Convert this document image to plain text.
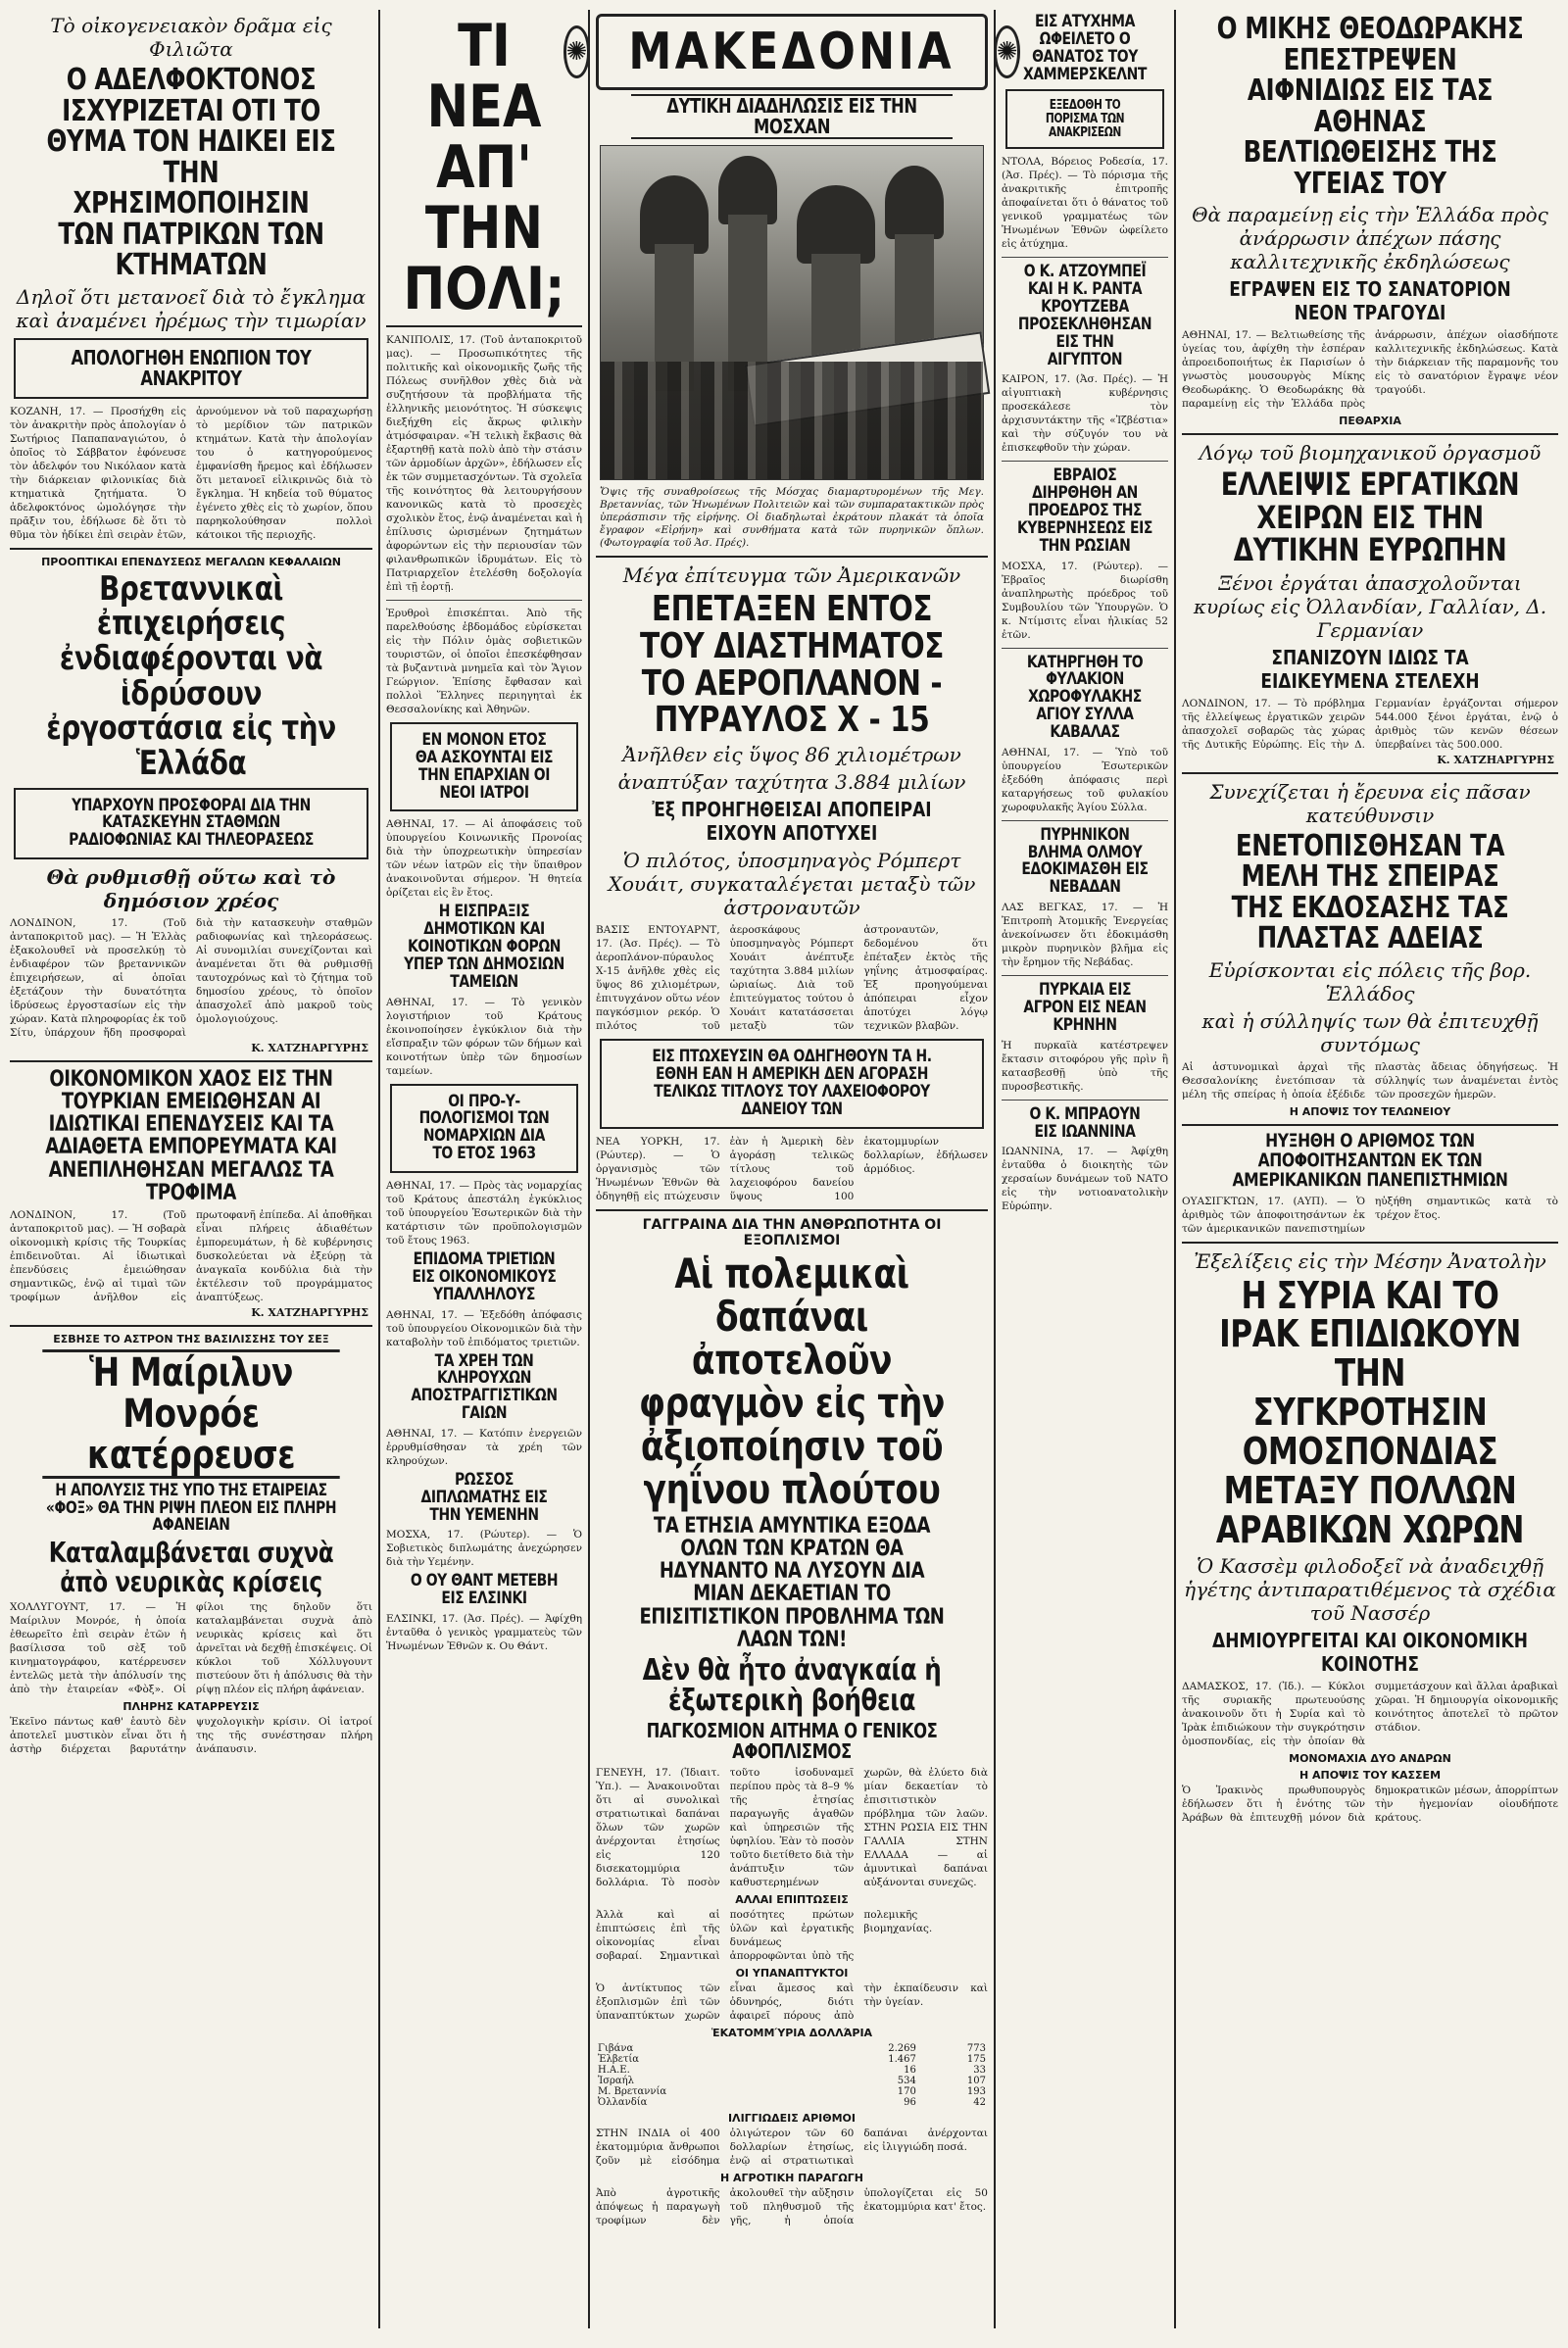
Τὸ οἰκογενειακὸν δρᾶμα εἰς Φιλιῶτα
Ο ΑΔΕΛΦΟΚΤΟΝΟΣ ΙΣΧΥΡΙΖΕΤΑΙ ΟΤΙ ΤΟ ΘΥΜΑ ΤΟΝ ΗΔΙΚΕΙ ΕΙΣ ΤΗΝ ΧΡΗΣΙΜΟΠΟΙΗΣΙΝ ΤΩΝ ΠΑΤΡΙΚΩΝ ΤΩΝ ΚΤΗΜΑΤΩΝ
Δηλοῖ ὅτι μετανοεῖ διὰ τὸ ἔγκλημα καὶ ἀναμένει ἠρέμως τὴν τιμωρίαν
ΑΠΟΛΟΓΗΘΗ ΕΝΩΠΙΟΝ ΤΟΥ ΑΝΑΚΡΙΤΟΥ
ΚΟΖΑΝΗ, 17. — Προσήχθη εἰς τὸν ἀνακριτὴν πρὸς ἀπολογίαν ὁ Σωτήριος Παπαπαναγιώτου, ὁ ὁποῖος τὸ Σάββατον ἐφόνευσε τὸν ἀδελφόν του Νικόλαον κατὰ τὴν διάρκειαν φιλονικίας διὰ κτηματικὰ ζητήματα. Ὁ ἀδελφοκτόνος ὡμολόγησε τὴν πρᾶξιν του, ἐδήλωσε δὲ ὅτι τὸ θῦμα τὸν ἠδίκει ἐπὶ σειρὰν ἐτῶν, ἀρνούμενον νὰ τοῦ παραχωρήσῃ τὸ μερίδιον τῶν πατρικῶν κτημάτων. Κατὰ τὴν ἀπολογίαν του ὁ κατηγορούμενος ἐμφανίσθη ἤρεμος καὶ ἐδήλωσεν ὅτι μετανοεῖ εἰλικρινῶς διὰ τὸ ἔγκλημα. Ἡ κηδεία τοῦ θύματος ἐγένετο χθὲς εἰς τὸ χωρίον, ὅπου παρηκολούθησαν πολλοὶ κάτοικοι τῆς περιοχῆς.
ΠΡΟΟΠΤΙΚΑΙ ΕΠΕΝΔΥΣΕΩΣ ΜΕΓΑΛΩΝ ΚΕΦΑΛΑΙΩΝ
Βρεταννικαὶ ἐπιχειρήσεις ἐνδιαφέρονται νὰ ἱδρύσουν ἐργοστάσια εἰς τὴν Ἑλλάδα
ΥΠΑΡΧΟΥΝ ΠΡΟΣΦΟΡΑΙ ΔΙΑ ΤΗΝ ΚΑΤΑΣΚΕΥΗΝ ΣΤΑΘΜΩΝ ΡΑΔΙΟΦΩΝΙΑΣ ΚΑΙ ΤΗΛΕΟΡΑΣΕΩΣ
Θὰ ρυθμισθῇ οὕτω καὶ τὸ δημόσιον χρέος
ΛΟΝΔΙΝΟΝ, 17. (Τοῦ ἀνταποκριτοῦ μας). — Ἡ Ἑλλὰς ἐξακολουθεῖ νὰ προσελκύῃ τὸ ἐνδιαφέρον τῶν βρεταννικῶν ἐπιχειρήσεων, αἱ ὁποῖαι ἐξετάζουν τὴν δυνατότητα ἱδρύσεως ἐργοστασίων εἰς τὴν χώραν. Κατὰ πληροφορίας ἐκ τοῦ Σίτυ, ὑπάρχουν ἤδη προσφοραὶ διὰ τὴν κατασκευὴν σταθμῶν ραδιοφωνίας καὶ τηλεοράσεως. Αἱ συνομιλίαι συνεχίζονται καὶ ἀναμένεται ὅτι θὰ ρυθμισθῇ ταυτοχρόνως καὶ τὸ ζήτημα τοῦ δημοσίου χρέους, τὸ ὁποῖον ἀπασχολεῖ ἀπὸ μακροῦ τοὺς ὁμολογιούχους.
Κ. ΧΑΤΖΗΑΡΓΥΡΗΣ
ΟΙΚΟΝΟΜΙΚΟΝ ΧΑΟΣ ΕΙΣ ΤΗΝ ΤΟΥΡΚΙΑΝ ΕΜΕΙΩΘΗΣΑΝ ΑΙ ΙΔΙΩΤΙΚΑΙ ΕΠΕΝΔΥΣΕΙΣ ΚΑΙ ΤΑ ΑΔΙΑΘΕΤΑ ΕΜΠΟΡΕΥΜΑΤΑ ΚΑΙ ΑΝΕΠΙΛΗΘΗΣΑΝ ΜΕΓΑΛΩΣ ΤΑ ΤΡΟΦΙΜΑ
ΛΟΝΔΙΝΟΝ, 17. (Τοῦ ἀνταποκριτοῦ μας). — Ἡ σοβαρὰ οἰκονομικὴ κρίσις τῆς Τουρκίας ἐπιδεινοῦται. Αἱ ἰδιωτικαὶ ἐπενδύσεις ἐμειώθησαν σημαντικῶς, ἐνῷ αἱ τιμαὶ τῶν τροφίμων ἀνῆλθον εἰς πρωτοφανῆ ἐπίπεδα. Αἱ ἀποθῆκαι εἶναι πλήρεις ἀδιαθέτων ἐμπορευμάτων, ἡ δὲ κυβέρνησις δυσκολεύεται νὰ ἐξεύρῃ τὰ ἀναγκαῖα κονδύλια διὰ τὴν ἐκτέλεσιν τοῦ προγράμματος ἀναπτύξεως.
Κ. ΧΑΤΖΗΑΡΓΥΡΗΣ
ΕΣΒΗΣΕ ΤΟ ΑΣΤΡΟΝ ΤΗΣ ΒΑΣΙΛΙΣΣΗΣ ΤΟΥ ΣΕΞ
Ἡ Μαίριλυν Μονρόε κατέρρευσε
Η ΑΠΟΛΥΣΙΣ ΤΗΣ ΥΠΟ ΤΗΣ ΕΤΑΙΡΕΙΑΣ «ΦΟΞ» ΘΑ ΤΗΝ ΡΙΨΗ ΠΛΕΟΝ ΕΙΣ ΠΛΗΡΗ ΑΦΑΝΕΙΑΝ
Καταλαμβάνεται συχνὰ ἀπὸ νευρικὰς κρίσεις
ΧΟΛΛΥΓΟΥΝΤ, 17. — Ἡ Μαίριλυν Μονρόε, ἡ ὁποία ἐθεωρεῖτο ἐπὶ σειρὰν ἐτῶν ἡ βασίλισσα τοῦ σὲξ τοῦ κινηματογράφου, κατέρρευσεν ἐντελῶς μετὰ τὴν ἀπόλυσίν της ἀπὸ τὴν ἑταιρείαν «Φὸξ». Οἱ φίλοι της δηλοῦν ὅτι καταλαμβάνεται συχνὰ ἀπὸ νευρικὰς κρίσεις καὶ ὅτι ἀρνεῖται νὰ δεχθῇ ἐπισκέψεις. Οἱ κύκλοι τοῦ Χόλλυγουντ πιστεύουν ὅτι ἡ ἀπόλυσις θὰ τὴν ρίψῃ πλέον εἰς πλήρη ἀφάνειαν.
ΠΛΗΡΗΣ ΚΑΤΑΡΡΕΥΣΙΣ
Ἐκεῖνο πάντως καθ' ἑαυτὸ δὲν ἀποτελεῖ μυστικὸν εἶναι ὅτι ἡ ἀστὴρ διέρχεται βαρυτάτην ψυχολογικὴν κρίσιν. Οἱ ἰατροί της τῆς συνέστησαν πλήρη ἀνάπαυσιν.
ΤΙ ΝΕΑ ΑΠ' ΤΗΝ ΠΟΛΙ;
ΚΑΝΙΠΟΛΙΣ, 17. (Τοῦ ἀνταποκριτοῦ μας). — Προσωπικότητες τῆς πολιτικῆς καὶ οἰκονομικῆς ζωῆς τῆς Πόλεως συνῆλθον χθὲς διὰ νὰ συζητήσουν τὰ προβλήματα τῆς ἑλληνικῆς μειονότητος. Ἡ σύσκεψις διεξήχθη εἰς ἄκρως φιλικὴν ἀτμόσφαιραν. «Ἡ τελικὴ ἔκβασις θὰ ἐξαρτηθῇ κατὰ πολὺ ἀπὸ τὴν στάσιν τῶν ἁρμοδίων ἀρχῶν», ἐδήλωσεν εἷς ἐκ τῶν συμμετασχόντων. Τὰ σχολεῖα τῆς κοινότητος θὰ λειτουργήσουν κανονικῶς κατὰ τὸ προσεχὲς σχολικὸν ἔτος, ἐνῷ ἀναμένεται καὶ ἡ ἐπίλυσις ὡρισμένων ζητημάτων ἀφορώντων εἰς τὴν περιουσίαν τῶν φιλανθρωπικῶν ἱδρυμάτων. Εἰς τὸ Πατριαρχεῖον ἐτελέσθη δοξολογία ἐπὶ τῇ ἑορτῇ.
Ἐρυθροὶ ἐπισκέπται. Ἀπὸ τῆς παρελθούσης ἑβδομάδος εὑρίσκεται εἰς τὴν Πόλιν ὁμὰς σοβιετικῶν τουριστῶν, οἱ ὁποῖοι ἐπεσκέφθησαν τὰ βυζαντινὰ μνημεῖα καὶ τὸν Ἅγιον Γεώργιον. Ἐπίσης ἔφθασαν καὶ πολλοὶ Ἕλληνες περιηγηταὶ ἐκ Θεσσαλονίκης καὶ Ἀθηνῶν.
ΕΝ ΜΟΝΟΝ ΕΤΟΣ ΘΑ ΑΣΚΟΥΝΤΑΙ ΕΙΣ ΤΗΝ ΕΠΑΡΧΙΑΝ ΟΙ ΝΕΟΙ ΙΑΤΡΟΙ
ΑΘΗΝΑΙ, 17. — Αἱ ἀποφάσεις τοῦ ὑπουργείου Κοινωνικῆς Προνοίας διὰ τὴν ὑποχρεωτικὴν ὑπηρεσίαν τῶν νέων ἰατρῶν εἰς τὴν ὕπαιθρον ἀνακοινοῦνται σήμερον. Ἡ θητεία ὁρίζεται εἰς ἓν ἔτος.
Η ΕΙΣΠΡΑΞΙΣ ΔΗΜΟΤΙΚΩΝ ΚΑΙ ΚΟΙΝΟΤΙΚΩΝ ΦΟΡΩΝ ΥΠΕΡ ΤΩΝ ΔΗΜΟΣΙΩΝ ΤΑΜΕΙΩΝ
ΑΘΗΝΑΙ, 17. — Τὸ γενικὸν λογιστήριον τοῦ Κράτους ἐκοινοποίησεν ἐγκύκλιον διὰ τὴν εἴσπραξιν τῶν φόρων τῶν δήμων καὶ κοινοτήτων ὑπὲρ τῶν δημοσίων ταμείων.
ΟΙ ΠΡΟ-Υ-ΠΟΛΟΓΙΣΜΟΙ ΤΩΝ ΝΟΜΑΡΧΙΩΝ ΔΙΑ ΤΟ ΕΤΟΣ 1963
ΑΘΗΝΑΙ, 17. — Πρὸς τὰς νομαρχίας τοῦ Κράτους ἀπεστάλη ἐγκύκλιος τοῦ ὑπουργείου Ἐσωτερικῶν διὰ τὴν κατάρτισιν τῶν προϋπολογισμῶν τοῦ ἔτους 1963.
ΕΠΙΔΟΜΑ ΤΡΙΕΤΙΩΝ ΕΙΣ ΟΙΚΟΝΟΜΙΚΟΥΣ ΥΠΑΛΛΗΛΟΥΣ
ΑΘΗΝΑΙ, 17. — Ἐξεδόθη ἀπόφασις τοῦ ὑπουργείου Οἰκονομικῶν διὰ τὴν καταβολὴν τοῦ ἐπιδόματος τριετιῶν.
ΤΑ ΧΡΕΗ ΤΩΝ ΚΛΗΡΟΥΧΩΝ ΑΠΟΣΤΡΑΓΓΙΣΤΙΚΩΝ ΓΑΙΩΝ
ΑΘΗΝΑΙ, 17. — Κατόπιν ἐνεργειῶν ἐρρυθμίσθησαν τὰ χρέη τῶν κληρούχων.
ΡΩΣΣΟΣ ΔΙΠΛΩΜΑΤΗΣ ΕΙΣ ΤΗΝ ΥΕΜΕΝΗΝ
ΜΟΣΧΑ, 17. (Ρώυτερ). — Ὁ Σοβιετικὸς διπλωμάτης ἀνεχώρησεν διὰ τὴν Υεμένην.
Ο ΟΥ ΘΑΝΤ ΜΕΤΕΒΗ ΕΙΣ ΕΛΣΙΝΚΙ
ΕΛΣΙΝΚΙ, 17. (Ἀσ. Πρές). — Ἀφίχθη ἐνταῦθα ὁ γενικὸς γραμματεὺς τῶν Ἡνωμένων Ἐθνῶν κ. Ου Θάντ.
✺ ΜΑΚΕΔΟΝΙΑ ✺
ΔΥΤΙΚΗ ΔΙΑΔΗΛΩΣΙΣ ΕΙΣ ΤΗΝ ΜΟΣΧΑΝ
Ὄψις τῆς συναθροίσεως τῆς Μόσχας διαμαρτυρομένων τῆς Μεγ. Βρεταννίας, τῶν Ἡνωμένων Πολιτειῶν καὶ τῶν συμπαρατακτικῶν πρὸς ὑπεράσπισιν τῆς εἰρήνης. Οἱ διαδηλωταὶ ἐκράτουν πλακάτ τὰ ὁποῖα ἔγραφον «Εἰρήνη» καὶ συνθήματα κατὰ τῶν πυρηνικῶν ὅπλων. (Φωτογραφία τοῦ Ἀσ. Πρές).
Μέγα ἐπίτευγμα τῶν Ἀμερικανῶν
ΕΠΕΤΑΞΕΝ ΕΝΤΟΣ ΤΟΥ ΔΙΑΣΤΗΜΑΤΟΣ ΤΟ ΑΕΡΟΠΛΑΝΟΝ - ΠΥΡΑΥΛΟΣ Χ - 15
Ἀνῆλθεν εἰς ὕψος 86 χιλιομέτρων
ἀναπτύξαν ταχύτητα 3.884 μιλίων
Ἐξ ΠΡΟΗΓΗΘΕΙΣΑΙ ΑΠΟΠΕΙΡΑΙ ΕΙΧΟΥΝ ΑΠΟΤΥΧΕΙ
Ὁ πιλότος, ὑποσμηναγὸς Ρόμπερτ Χουάιτ, συγκαταλέγεται μεταξὺ τῶν ἀστροναυτῶν
ΒΑΣΙΣ ΕΝΤΟΥΑΡΝΤ, 17. (Ἀσ. Πρές). — Τὸ ἀεροπλάνον-πύραυλος Χ-15 ἀνῆλθε χθὲς εἰς ὕψος 86 χιλιομέτρων, ἐπιτυγχάνον οὕτω νέον παγκόσμιον ρεκόρ. Ὁ πιλότος τοῦ ἀεροσκάφους ὑποσμηναγὸς Ρόμπερτ Χουάιτ ἀνέπτυξε ταχύτητα 3.884 μιλίων ὡριαίως. Διὰ τοῦ ἐπιτεύγματος τούτου ὁ Χουάιτ κατατάσσεται μεταξὺ τῶν ἀστροναυτῶν, δεδομένου ὅτι ἐπέταξεν ἐκτὸς τῆς γηΐνης ἀτμοσφαίρας. Ἐξ προηγούμεναι ἀπόπειραι εἶχον ἀποτύχει λόγῳ τεχνικῶν βλαβῶν.
ΕΙΣ ΠΤΩΧΕΥΣΙΝ ΘΑ ΟΔΗΓΗΘΟΥΝ ΤΑ Η. ΕΘΝΗ ΕΑΝ Η ΑΜΕΡΙΚΗ ΔΕΝ ΑΓΟΡΑΣΗ ΤΕΛΙΚΩΣ ΤΙΤΛΟΥΣ ΤΟΥ ΛΑΧΕΙΟΦΟΡΟΥ ΔΑΝΕΙΟΥ ΤΩΝ
ΝΕΑ ΥΟΡΚΗ, 17. (Ρώυτερ). — Ὁ ὀργανισμὸς τῶν Ἡνωμένων Ἐθνῶν θὰ ὁδηγηθῇ εἰς πτώχευσιν ἐὰν ἡ Ἀμερικὴ δὲν ἀγοράσῃ τελικῶς τίτλους τοῦ λαχειοφόρου δανείου ὕψους 100 ἑκατομμυρίων δολλαρίων, ἐδήλωσεν ἀρμόδιος.
ΓΑΓΓΡΑΙΝΑ ΔΙΑ ΤΗΝ ΑΝΘΡΩΠΟΤΗΤΑ ΟΙ ΕΞΟΠΛΙΣΜΟΙ
Αἱ πολεμικαὶ δαπάναι ἀποτελοῦν φραγμὸν εἰς τὴν ἀξιοποίησιν τοῦ γηΐνου πλούτου
ΤΑ ΕΤΗΣΙΑ ΑΜΥΝΤΙΚΑ ΕΞΟΔΑ ΟΛΩΝ ΤΩΝ ΚΡΑΤΩΝ ΘΑ ΗΔΥΝΑΝΤΟ ΝΑ ΛΥΣΟΥΝ ΔΙΑ ΜΙΑΝ ΔΕΚΑΕΤΙΑΝ ΤΟ ΕΠΙΣΙΤΙΣΤΙΚΟΝ ΠΡΟΒΛΗΜΑ ΤΩΝ ΛΑΩΝ ΤΩΝ!
Δὲν θὰ ἦτο ἀναγκαία ἡ ἐξωτερικὴ βοήθεια
ΠΑΓΚΟΣΜΙΟΝ ΑΙΤΗΜΑ Ο ΓΕΝΙΚΟΣ ΑΦΟΠΛΙΣΜΟΣ
ΓΕΝΕΥΗ, 17. (Ἰδιαιτ. Ὑπ.). — Ἀνακοινοῦται ὅτι αἱ συνολικαὶ στρατιωτικαὶ δαπάναι ὅλων τῶν χωρῶν ἀνέρχονται ἐτησίως εἰς 120 δισεκατομμύρια δολλάρια. Τὸ ποσὸν τοῦτο ἰσοδυναμεῖ περίπου πρὸς τὰ 8–9 % τῆς ἐτησίας παραγωγῆς ἀγαθῶν καὶ ὑπηρεσιῶν τῆς ὑφηλίου. Ἐὰν τὸ ποσὸν τοῦτο διετίθετο διὰ τὴν ἀνάπτυξιν τῶν καθυστερημένων χωρῶν, θὰ ἐλύετο διὰ μίαν δεκαετίαν τὸ ἐπισιτιστικὸν πρόβλημα τῶν λαῶν. ΣΤΗΝ ΡΩΣΙΑ ΕΙΣ ΤΗΝ ΓΑΛΛΙΑ ΣΤΗΝ ΕΛΛΑΔΑ — αἱ ἀμυντικαὶ δαπάναι αὐξάνονται συνεχῶς.
ΑΛΛΑΙ ΕΠΙΠΤΩΣΕΙΣ
Ἀλλὰ καὶ αἱ ἐπιπτώσεις ἐπὶ τῆς οἰκονομίας εἶναι σοβαραί. Σημαντικαὶ ποσότητες πρώτων ὑλῶν καὶ ἐργατικῆς δυνάμεως ἀπορροφῶνται ὑπὸ τῆς πολεμικῆς βιομηχανίας.
ΟΙ ΥΠΑΝΑΠΤΥΚΤΟΙ
Ὁ ἀντίκτυπος τῶν ἐξοπλισμῶν ἐπὶ τῶν ὑπαναπτύκτων χωρῶν εἶναι ἄμεσος καὶ ὀδυνηρός, διότι ἀφαιρεῖ πόρους ἀπὸ τὴν ἐκπαίδευσιν καὶ τὴν ὑγείαν.
ἙΚΑΤΟΜΜΎΡΙΑ ΔΟΛΛΆΡΙΑ
Γιβάνα	2.269	773
Ἐλβετία	1.467	175
Η.Α.Ε.	16	33
Ἰσραήλ	534	107
Μ. Βρεταννία	170	193
Ὀλλανδία	96	42
ΙΛΙΓΓΙΩΔΕΙΣ ΑΡΙΘΜΟΙ
ΣΤΗΝ ΙΝΔΙΑ οἱ 400 ἑκατομμύρια ἄνθρωποι ζοῦν μὲ εἰσόδημα ὀλιγώτερον τῶν 60 δολλαρίων ἐτησίως, ἐνῷ αἱ στρατιωτικαὶ δαπάναι ἀνέρχονται εἰς ἰλιγγιώδη ποσά.
Η ΑΓΡΟΤΙΚΗ ΠΑΡΑΓΩΓΗ
Ἀπὸ ἀγροτικῆς ἀπόψεως ἡ παραγωγὴ τροφίμων δὲν ἀκολουθεῖ τὴν αὔξησιν τοῦ πληθυσμοῦ τῆς γῆς, ἡ ὁποία ὑπολογίζεται εἰς 50 ἑκατομμύρια κατ' ἔτος.
ΕΙΣ ΑΤΥΧΗΜΑ ΩΦΕΙΛΕΤΟ Ο ΘΑΝΑΤΟΣ ΤΟΥ ΧΑΜΜΕΡΣΚΕΛΝΤ
ΕΞΕΔΟΘΗ ΤΟ ΠΟΡΙΣΜΑ ΤΩΝ ΑΝΑΚΡΙΣΕΩΝ
ΝΤΟΛΑ, Βόρειος Ροδεσία, 17. (Ἀσ. Πρές). — Τὸ πόρισμα τῆς ἀνακριτικῆς ἐπιτροπῆς ἀποφαίνεται ὅτι ὁ θάνατος τοῦ γενικοῦ γραμματέως τῶν Ἡνωμένων Ἐθνῶν ὠφείλετο εἰς ἀτύχημα.
Ο Κ. ΑΤΖΟΥΜΠΕΪ ΚΑΙ Η Κ. ΡΑΝΤΑ ΚΡΟΥΤΖΕΒΑ ΠΡΟΣΕΚΛΗΘΗΣΑΝ ΕΙΣ ΤΗΝ ΑΙΓΥΠΤΟΝ
ΚΑΙΡΟΝ, 17. (Ἀσ. Πρές). — Ἡ αἰγυπτιακὴ κυβέρνησις προσεκάλεσε τὸν ἀρχισυντάκτην τῆς «Ἰζβέστια» καὶ τὴν σύζυγόν του νὰ ἐπισκεφθοῦν τὴν χώραν.
ΕΒΡΑΙΟΣ ΔΙΗΡΘΗΘΗ ΑΝ ΠΡΟΕΔΡΟΣ ΤΗΣ ΚΥΒΕΡΝΗΣΕΩΣ ΕΙΣ ΤΗΝ ΡΩΣΙΑΝ
ΜΟΣΧΑ, 17. (Ρώυτερ). — Ἐβραῖος διωρίσθη ἀναπληρωτὴς πρόεδρος τοῦ Συμβουλίου τῶν Ὑπουργῶν. Ὁ κ. Ντίμσιτς εἶναι ἡλικίας 52 ἐτῶν.
ΚΑΤΗΡΓΗΘΗ ΤΟ ΦΥΛΑΚΙΟΝ ΧΩΡΟΦΥΛΑΚΗΣ ΑΓΙΟΥ ΣΥΛΛΑ ΚΑΒΑΛΑΣ
ΑΘΗΝΑΙ, 17. — Ὑπὸ τοῦ ὑπουργείου Ἐσωτερικῶν ἐξεδόθη ἀπόφασις περὶ καταργήσεως τοῦ φυλακίου χωροφυλακῆς Ἁγίου Σύλλα.
ΠΥΡΗΝΙΚΟΝ ΒΛΗΜΑ ΟΛΜΟΥ ΕΔΟΚΙΜΑΣΘΗ ΕΙΣ ΝΕΒΑΔΑΝ
ΛΑΣ ΒΕΓΚΑΣ, 17. — Ἡ Ἐπιτροπὴ Ἀτομικῆς Ἐνεργείας ἀνεκοίνωσεν ὅτι ἐδοκιμάσθη μικρὸν πυρηνικὸν βλῆμα εἰς τὴν ἔρημον τῆς Νεβάδας.
ΠΥΡΚΑΙΑ ΕΙΣ ΑΓΡΟΝ ΕΙΣ ΝΕΑΝ ΚΡΗΝΗΝ
Ἡ πυρκαϊὰ κατέστρεψεν ἔκτασιν σιτοφόρου γῆς πρὶν ἢ κατασβεσθῇ ὑπὸ τῆς πυροσβεστικῆς.
Ο Κ. ΜΠΡΑΟΥΝ ΕΙΣ ΙΩΑΝΝΙΝΑ
ΙΩΑΝΝΙΝΑ, 17. — Ἀφίχθη ἐνταῦθα ὁ διοικητὴς τῶν χερσαίων δυνάμεων τοῦ ΝΑΤΟ εἰς τὴν νοτιοανατολικὴν Εὐρώπην.
Ο ΜΙΚΗΣ ΘΕΟΔΩΡΑΚΗΣ ΕΠΕΣΤΡΕΨΕΝ ΑΙΦΝΙΔΙΩΣ ΕΙΣ ΤΑΣ ΑΘΗΝΑΣ ΒΕΛΤΙΩΘΕΙΣΗΣ ΤΗΣ ΥΓΕΙΑΣ ΤΟΥ
Θὰ παραμείνῃ εἰς τὴν Ἑλλάδα πρὸς ἀνάρρωσιν ἀπέχων πάσης καλλιτεχνικῆς ἐκδηλώσεως
ΕΓΡΑΨΕΝ ΕΙΣ ΤΟ ΣΑΝΑΤΟΡΙΟΝ ΝΕΟΝ ΤΡΑΓΟΥΔΙ
ΑΘΗΝΑΙ, 17. — Βελτιωθείσης τῆς ὑγείας του, ἀφίχθη τὴν ἑσπέραν ἀπροειδοποιήτως ἐκ Παρισίων ὁ γνωστὸς μουσουργὸς Μίκης Θεοδωράκης. Ὁ Θεοδωράκης θὰ παραμείνῃ εἰς τὴν Ἑλλάδα πρὸς ἀνάρρωσιν, ἀπέχων οἱασδήποτε καλλιτεχνικῆς ἐκδηλώσεως. Κατὰ τὴν διάρκειαν τῆς παραμονῆς του εἰς τὸ σανατόριον ἔγραψε νέον τραγούδι.
ΠΕΘΑΡΧΙΑ
Λόγῳ τοῦ βιομηχανικοῦ ὀργασμοῦ
ΕΛΛΕΙΨΙΣ ΕΡΓΑΤΙΚΩΝ ΧΕΙΡΩΝ ΕΙΣ ΤΗΝ ΔΥΤΙΚΗΝ ΕΥΡΩΠΗΝ
Ξένοι ἐργάται ἀπασχολοῦνται κυρίως εἰς Ὀλλανδίαν, Γαλλίαν, Δ. Γερμανίαν
ΣΠΑΝΙΖΟΥΝ ΙΔΙΩΣ ΤΑ ΕΙΔΙΚΕΥΜΕΝΑ ΣΤΕΛΕΧΗ
ΛΟΝΔΙΝΟΝ, 17. — Τὸ πρόβλημα τῆς ἐλλείψεως ἐργατικῶν χειρῶν ἀπασχολεῖ σοβαρῶς τὰς χώρας τῆς Δυτικῆς Εὐρώπης. Εἰς τὴν Δ. Γερμανίαν ἐργάζονται σήμερον 544.000 ξένοι ἐργάται, ἐνῷ ὁ ἀριθμὸς τῶν κενῶν θέσεων ὑπερβαίνει τὰς 500.000.
Κ. ΧΑΤΖΗΑΡΓΥΡΗΣ
Συνεχίζεται ἡ ἔρευνα εἰς πᾶσαν κατεύθυνσιν
ΕΝΕΤΟΠΙΣΘΗΣΑΝ ΤΑ ΜΕΛΗ ΤΗΣ ΣΠΕΙΡΑΣ ΤΗΣ ΕΚΔΟΣΑΣΗΣ ΤΑΣ ΠΛΑΣΤΑΣ ΑΔΕΙΑΣ
Εὑρίσκονται εἰς πόλεις τῆς βορ. Ἑλλάδος
καὶ ἡ σύλληψίς των θὰ ἐπιτευχθῇ συντόμως
Αἱ ἀστυνομικαὶ ἀρχαὶ τῆς Θεσσαλονίκης ἐνετόπισαν τὰ μέλη τῆς σπείρας ἡ ὁποία ἐξέδιδε πλαστὰς ἄδειας ὁδηγήσεως. Ἡ σύλληψίς των ἀναμένεται ἐντὸς τῶν προσεχῶν ἡμερῶν.
Η ΑΠΟΨΙΣ ΤΟΥ ΤΕΛΩΝΕΙΟΥ
ΗΥΞΗΘΗ Ο ΑΡΙΘΜΟΣ ΤΩΝ ΑΠΟΦΟΙΤΗΣΑΝΤΩΝ ΕΚ ΤΩΝ ΑΜΕΡΙΚΑΝΙΚΩΝ ΠΑΝΕΠΙΣΤΗΜΙΩΝ
ΟΥΑΣΙΓΚΤΩΝ, 17. (ΑΥΠ). — Ὁ ἀριθμὸς τῶν ἀποφοιτησάντων ἐκ τῶν ἀμερικανικῶν πανεπιστημίων ηὐξήθη σημαντικῶς κατὰ τὸ τρέχον ἔτος.
Ἐξελίξεις εἰς τὴν Μέσην Ἀνατολὴν
Η ΣΥΡΙΑ ΚΑΙ ΤΟ ΙΡΑΚ ΕΠΙΔΙΩΚΟΥΝ ΤΗΝ ΣΥΓΚΡΟΤΗΣΙΝ ΟΜΟΣΠΟΝΔΙΑΣ ΜΕΤΑΞΥ ΠΟΛΛΩΝ ΑΡΑΒΙΚΩΝ ΧΩΡΩΝ
Ὁ Κασσὲμ φιλοδοξεῖ νὰ ἀναδειχθῇ ἡγέτης ἀντιπαρατιθέμενος τὰ σχέδια τοῦ Νασσέρ
ΔΗΜΙΟΥΡΓΕΙΤΑΙ ΚΑΙ ΟΙΚΟΝΟΜΙΚΗ ΚΟΙΝΟΤΗΣ
ΔΑΜΑΣΚΟΣ, 17. (Ἰδ.). — Κύκλοι τῆς συριακῆς πρωτευούσης ἀνακοινοῦν ὅτι ἡ Συρία καὶ τὸ Ἰρὰκ ἐπιδιώκουν τὴν συγκρότησιν ὁμοσπονδίας, εἰς τὴν ὁποίαν θὰ συμμετάσχουν καὶ ἄλλαι ἀραβικαὶ χῶραι. Ἡ δημιουργία οἰκονομικῆς κοινότητος ἀποτελεῖ τὸ πρῶτον στάδιον.
ΜΟΝΟΜΑΧΙΑ ΔΥΟ ΑΝΔΡΩΝ
Η ΑΠΟΨΙΣ ΤΟΥ ΚΑΣΣΕΜ
Ὁ Ἰρακινὸς πρωθυπουργὸς ἐδήλωσεν ὅτι ἡ ἑνότης τῶν Ἀράβων θὰ ἐπιτευχθῇ μόνον διὰ δημοκρατικῶν μέσων, ἀπορρίπτων τὴν ἡγεμονίαν οἱουδήποτε κράτους.
